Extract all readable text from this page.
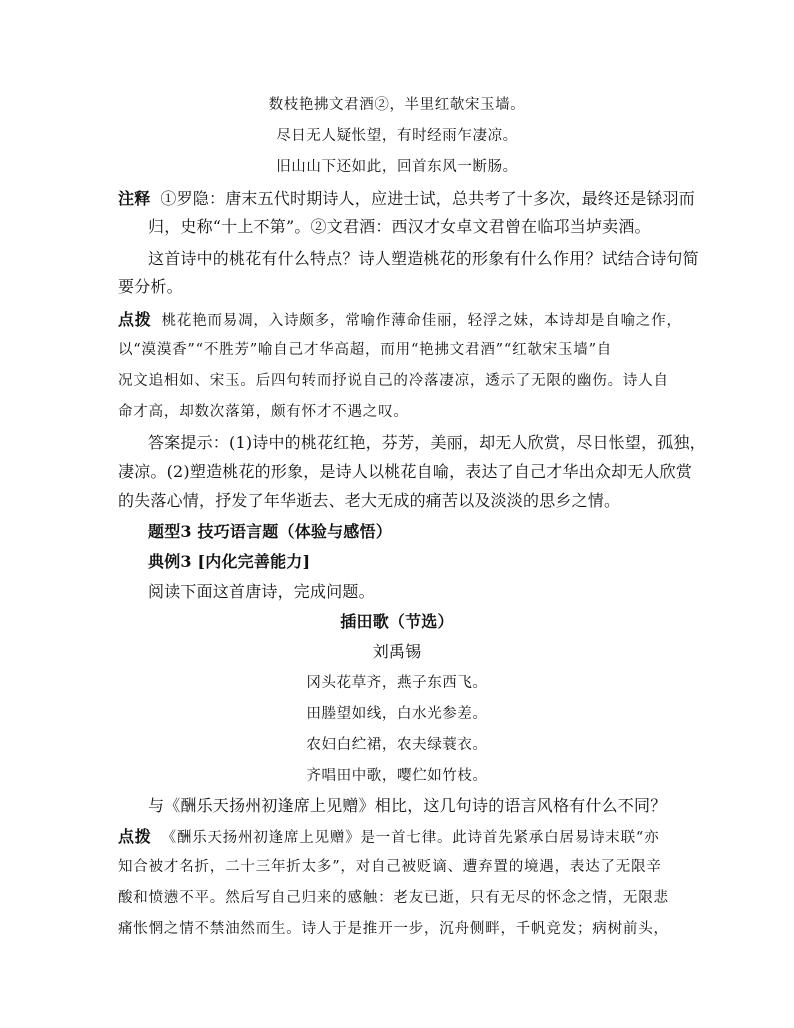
数枝艳拂文君酒②，半里红欹宋玉墙。
尽日无人疑怅望，有时经雨乍凄凉。
旧山山下还如此，回首东风一断肠。
注释 ①罗隐：唐末五代时期诗人，应进士试，总共考了十多次，最终还是铩羽而
归，史称“十上不第”。②文君酒：西汉才女卓文君曾在临邛当垆卖酒。
这首诗中的桃花有什么特点？诗人塑造桃花的形象有什么作用？试结合诗句简
要分析。
点拨 桃花艳而易凋，入诗颇多，常喻作薄命佳丽，轻浮之妹，本诗却是自喻之作，
以“漠漠香”“不胜芳”喻自己才华高超，而用“艳拂文君酒”“红欹宋玉墙”自
况文追相如、宋玉。后四句转而抒说自己的冷落凄凉，透示了无限的幽伤。诗人自
命才高，却数次落第，颇有怀才不遇之叹。
答案提示：(1)诗中的桃花红艳，芬芳，美丽，却无人欣赏，尽日怅望，孤独，
凄凉。(2)塑造桃花的形象，是诗人以桃花自喻，表达了自己才华出众却无人欣赏
的失落心情，抒发了年华逝去、老大无成的痛苦以及淡淡的思乡之情。
题型3 技巧语言题（体验与感悟）
典例3 [内化完善能力]
阅读下面这首唐诗，完成问题。
插田歌（节选）
刘禹锡
冈头花草齐，燕子东西飞。
田塍望如线，白水光参差。
农妇白纻裙，农夫绿蓑衣。
齐唱田中歌，嘤伫如竹枝。
与《酬乐天扬州初逢席上见赠》相比，这几句诗的语言风格有什么不同？
点拨 《酬乐天扬州初逢席上见赠》是一首七律。此诗首先紧承白居易诗末联“亦
知合被才名折，二十三年折太多”，对自己被贬谪、遭弃置的境遇，表达了无限辛
酸和愤懑不平。然后写自己归来的感触：老友已逝，只有无尽的怀念之情，无限悲
痛怅惘之情不禁油然而生。诗人于是推开一步，沉舟侧畔，千帆竞发；病树前头，
